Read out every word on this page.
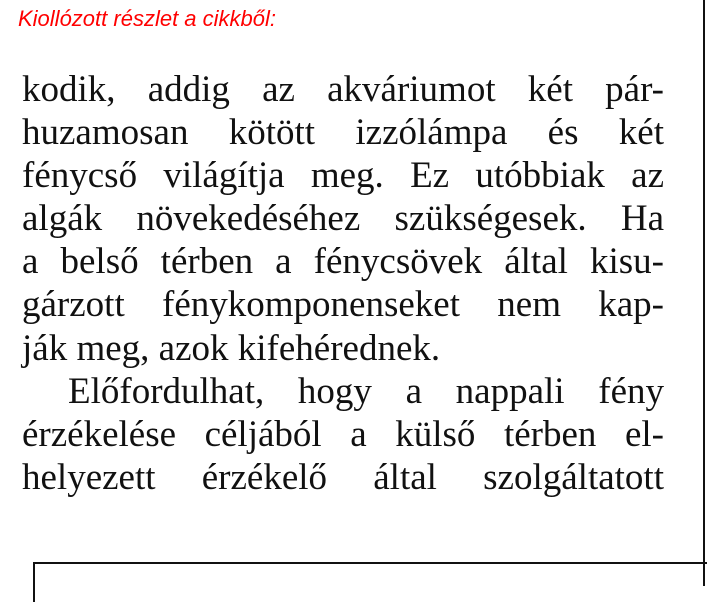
Kiollózott részlet a cikkből:
kodik, addig az akváriumot két pár-
huzamosan kötött izzólámpa és két
fénycső világítja meg. Ez utóbbiak az
algák növekedéséhez szükségesek. Ha
a belső térben a fénycsövek által kisu-
gárzott fénykomponenseket nem kap-
ják meg, azok kifehérednek.
Előfordulhat, hogy a nappali fény
érzékelése céljából a külső térben el-
helyezett érzékelő által szolgáltatott
